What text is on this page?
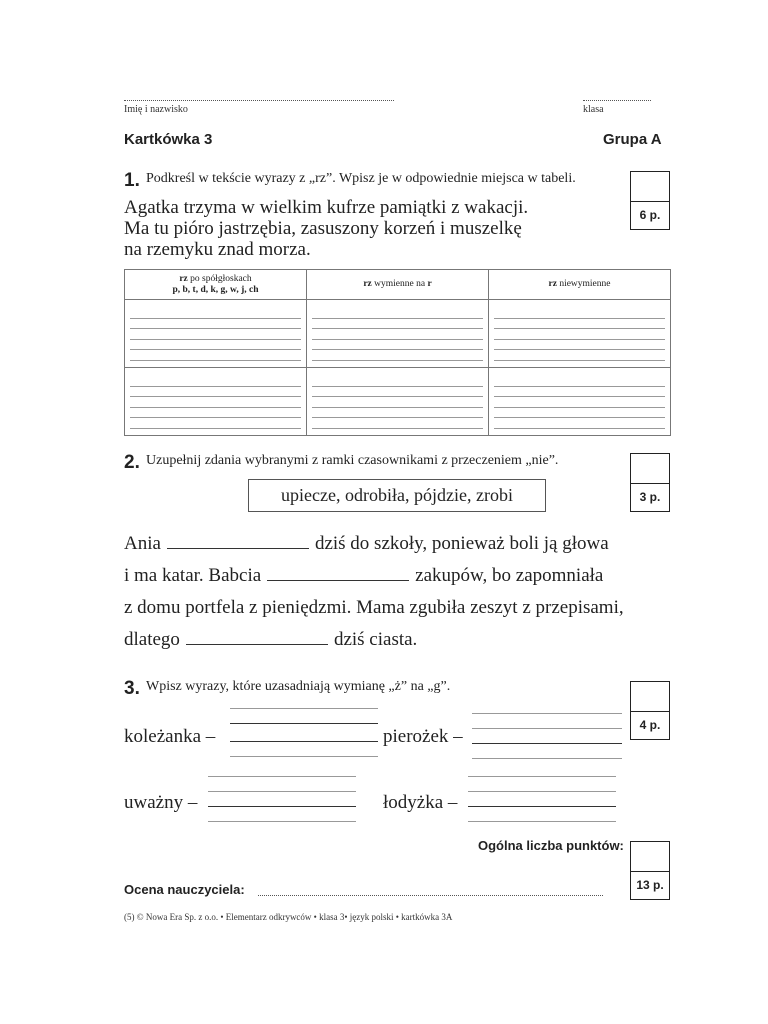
Imię i nazwisko	klasa
Kartkówka 3	Grupa A
1. Podkreśl w tekście wyrazy z „rz”. Wpisz je w odpowiednie miejsca w tabeli.
6 p.
Agatka trzyma w wielkim kufrze pamiątki z wakacji.
Ma tu pióro jastrzębia, zasuszony korzeń i muszelkę
na rzemyku znad morza.
rz po spółgłoskach
p, b, t, d, k, g, w, j, ch	rz wymienne na r	rz niewymienne

2. Uzupełnij zdania wybranymi z ramki czasownikami z przeczeniem „nie”.
3 p.
upiecze, odrobiła, pójdzie, zrobi
Ania	dziś do szkoły, ponieważ boli ją głowa
i ma katar. Babcia	zakupów, bo zapomniała
z domu portfela z pieniędzmi. Mama zgubiła zeszyt z przepisami,
dlatego	dziś ciasta.
3. Wpisz wyrazy, które uzasadniają wymianę „ż” na „g”.
4 p.
koleżanka –	pierożek –
uważny –	łodyżka –
Ogólna liczba punktów:
13 p.
Ocena nauczyciela:
(5) © Nowa Era Sp. z o.o. • Elementarz odkrywców • klasa 3• język polski • kartkówka 3A
